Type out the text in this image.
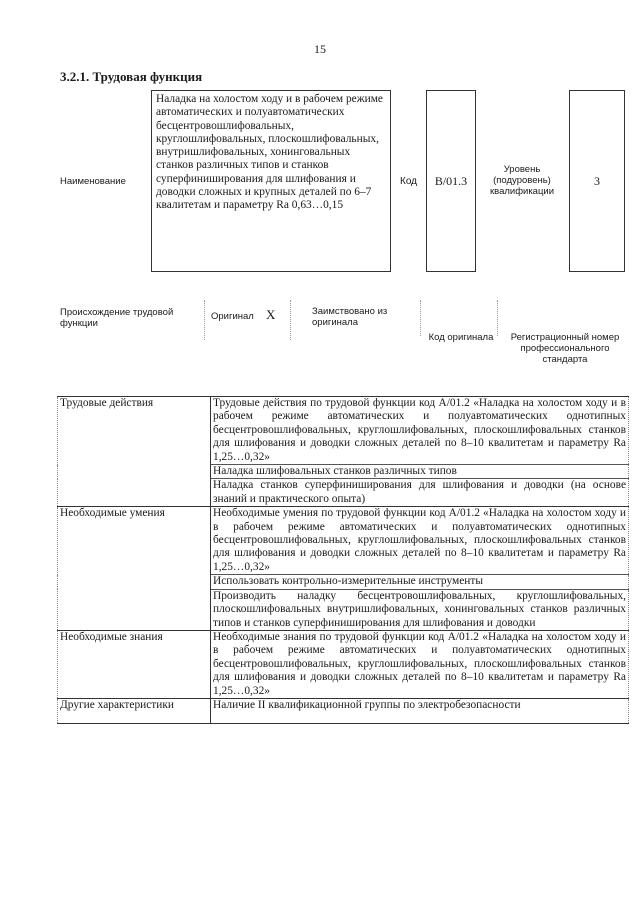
15
3.2.1. Трудовая функция
Наименование
Наладка на холостом ходу и в рабочем режиме автоматических и полуавтоматических бесцентровошлифовальных, круглошлифовальных, плоскошлифовальных, внутришлифовальных, хонинговальных станков различных типов и станков суперфиниширования для шлифования и доводки сложных и крупных деталей по 6–7 квалитетам и параметру Ra 0,63…0,15
Код B/01.3
Уровень (подуровень) квалификации
3
Происхождение трудовой функции
Оригинал X	Заимствовано из оригинала
Код оригинала	Регистрационный номер профессионального стандарта
Трудовые действия	Трудовые действия по трудовой функции код A/01.2 «Наладка на холостом ходу и в рабочем режиме автоматических и полуавтоматических однотипных бесцентровошлифовальных, круглошлифовальных, плоскошлифовальных станков для шлифования и доводки сложных деталей по 8–10 квалитетам и параметру Ra 1,25…0,32»
	Наладка шлифовальных станков различных типов
	Наладка станков суперфиниширования для шлифования и доводки (на основе знаний и практического опыта)
Необходимые умения	Необходимые умения по трудовой функции код A/01.2 «Наладка на холостом ходу и в рабочем режиме автоматических и полуавтоматических однотипных бесцентровошлифовальных, круглошлифовальных, плоскошлифовальных станков для шлифования и доводки сложных деталей по 8–10 квалитетам и параметру Ra 1,25…0,32»
	Использовать контрольно-измерительные инструменты
	Производить наладку бесцентровошлифовальных, круглошлифовальных, плоскошлифовальных внутришлифовальных, хонинговальных станков различных типов и станков суперфиниширования для шлифования и доводки
Необходимые знания	Необходимые знания по трудовой функции код A/01.2 «Наладка на холостом ходу и в рабочем режиме автоматических и полуавтоматических однотипных бесцентровошлифовальных, круглошлифовальных, плоскошлифовальных станков для шлифования и доводки сложных деталей по 8–10 квалитетам и параметру Ra 1,25…0,32»
Другие характеристики	Наличие II квалификационной группы по электробезопасности
